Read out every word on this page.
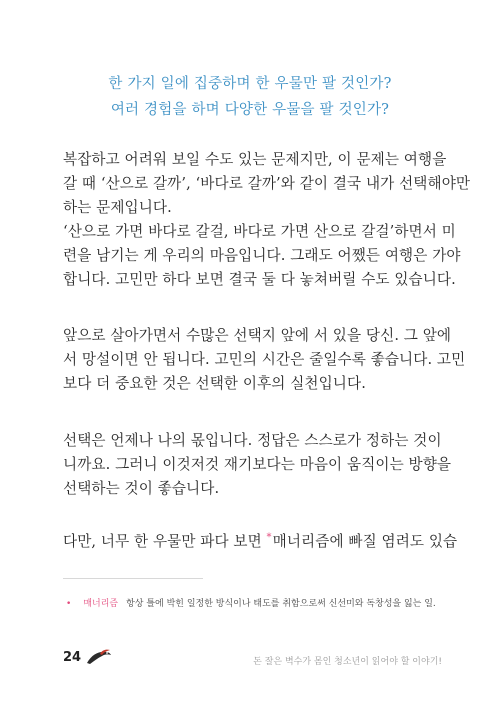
한 가지 일에 집중하며 한 우물만 팔 것인가?
여러 경험을 하며 다양한 우물을 팔 것인가?
복잡하고 어려워 보일 수도 있는 문제지만, 이 문제는 여행을
갈 때 ‘산으로 갈까’, ‘바다로 갈까’와 같이 결국 내가 선택해야만
하는 문제입니다.
‘산으로 가면 바다로 갈걸, 바다로 가면 산으로 갈걸’하면서 미
련을 남기는 게 우리의 마음입니다. 그래도 어쨌든 여행은 가야
합니다. 고민만 하다 보면 결국 둘 다 놓쳐버릴 수도 있습니다.
앞으로 살아가면서 수많은 선택지 앞에 서 있을 당신. 그 앞에
서 망설이면 안 됩니다. 고민의 시간은 줄일수록 좋습니다. 고민
보다 더 중요한 것은 선택한 이후의 실천입니다.
선택은 언제나 나의 몫입니다. 정답은 스스로가 정하는 것이
니까요. 그러니 이것저것 재기보다는 마음이 움직이는 방향을
선택하는 것이 좋습니다.
다만, 너무 한 우물만 파다 보면 *매너리즘에 빠질 염려도 있습
• 매너리즘 항상 틀에 박힌 일정한 방식이나 태도를 취함으로써 신선미와 독창성을 잃는 일.
24	돈 잘은 벽수가 몸인 청소년이 읽어야 할 이야기!
